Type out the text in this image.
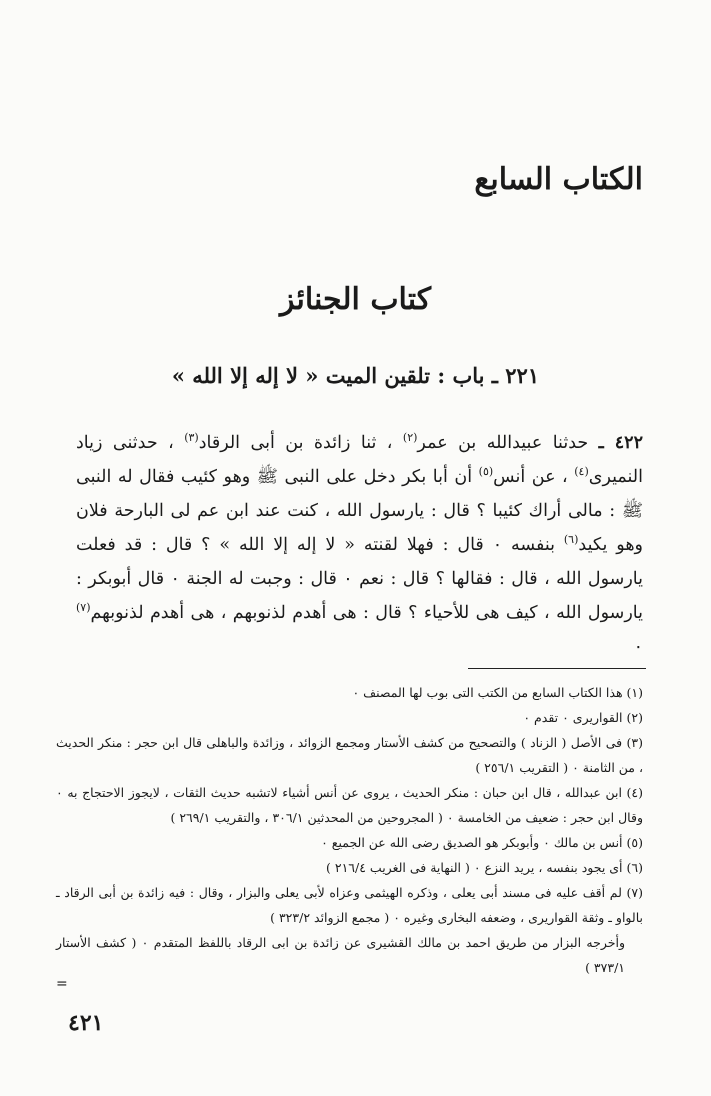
الكتاب السابع
كتاب الجنائز
٢٢١ ـ باب : تلقين الميت « لا إله إلا الله »

٤٢٢ ـ حدثنا عبيدالله بن عمر$^{(٢)}$ ، ثنا زائدة بن أبى الرقاد$^{(٣)}$ ، حدثنى زياد النميرى$^{(٤)}$ ، عن أنس$^{(٥)}$ أن أبا بكر دخل على النبى ﷺ وهو كئيب فقال له النبى ﷺ : مالى أراك كئيبا ؟ قال : يارسول الله ، كنت عند ابن عم لى البارحة فلان وهو يكيد$^{(٦)}$ بنفسه ٠ قال : فهلا لقنته « لا إله إلا الله » ؟ قال : قد فعلت يارسول الله ، قال : فقالها ؟ قال : نعم ٠ قال : وجبت له الجنة ٠ قال أبوبكر : يارسول الله ، كيف هى للأحياء ؟ قال : هى أهدم لذنوبهم ، هى أهدم لذنوبهم$^{(٧)}$ ٠

(١) هذا الكتاب السابع من الكتب التى بوب لها المصنف ٠
(٢) القواريرى ٠ تقدم ٠
(٣) فى الأصل ( الزناد ) والتصحيح من كشف الأستار ومجمع الزوائد ، وزائدة والباهلى قال ابن حجر : منكر الحديث ، من الثامنة ٠ ( التقريب ٢٥٦/١ )
(٤) ابن عبدالله ، قال ابن حبان : منكر الحديث ، يروى عن أنس أشياء لاتشبه حديث الثقات ، لايجوز الاحتجاج به ٠ وقال ابن حجر : ضعيف من الخامسة ٠ ( المجروحين من المحدثين ٣٠٦/١ ، والتقريب ٢٦٩/١ )
(٥) أنس بن مالك ٠ وأبوبكر هو الصديق رضى الله عن الجميع ٠
(٦) أى يجود بنفسه ، يريد النزع ٠ ( النهاية فى الغريب ٢١٦/٤ )
(٧) لم أقف عليه فى مسند أبى يعلى ، وذكره الهيثمى وعزاه لأبى يعلى والبزار ، وقال : فيه زائدة بن أبى الرقاد ـ بالواو ـ وثقة القواريرى ، وضعفه البخارى وغيره ٠ ( مجمع الزوائد ٣٢٣/٢ )
وأخرجه البزار من طريق احمد بن مالك القشيرى عن زائدة بن ابى الرقاد باللفظ المتقدم ٠ ( كشف الأستار ٣٧٣/١ )
=
٤٢١
